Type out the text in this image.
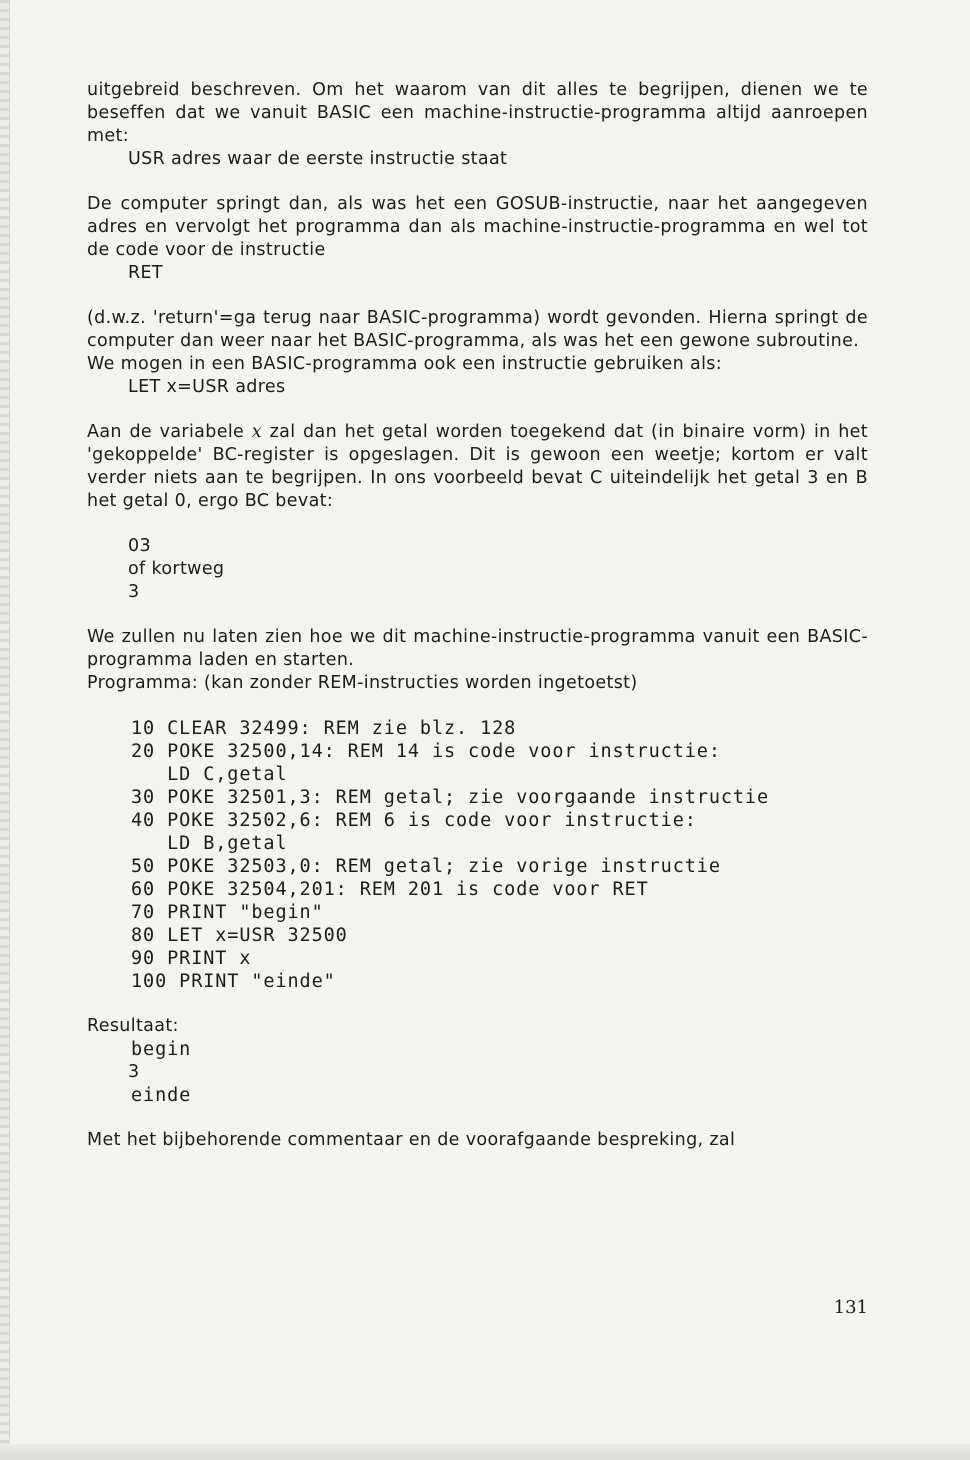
uitgebreid beschreven. Om het waarom van dit alles te begrijpen, dienen we te beseffen dat we vanuit BASIC een machine-instructie-programma altijd aanroepen met:

USR adres waar de eerste instructie staat

De computer springt dan, als was het een GOSUB-instructie, naar het aangegeven adres en vervolgt het programma dan als machine-instructie-programma en wel tot de code voor de instructie

RET

(d.w.z. 'return'=ga terug naar BASIC-programma) wordt gevonden. Hierna springt de computer dan weer naar het BASIC-programma, als was het een gewone subroutine.

We mogen in een BASIC-programma ook een instructie gebruiken als:

LET x=USR adres

Aan de variabele x zal dan het getal worden toegekend dat (in binaire vorm) in het 'gekoppelde' BC-register is opgeslagen. Dit is gewoon een weetje; kortom er valt verder niets aan te begrijpen. In ons voorbeeld bevat C uiteindelijk het getal 3 en B het getal 0, ergo BC bevat:

03

of kortweg

3

We zullen nu laten zien hoe we dit machine-instructie-programma vanuit een BASIC-programma laden en starten.

Programma: (kan zonder REM-instructies worden ingetoetst)

10 CLEAR 32499: REM zie blz. 128

20 POKE 32500,14: REM 14 is code voor instructie:

LD C,getal

30 POKE 32501,3: REM getal; zie voorgaande instructie

40 POKE 32502,6: REM 6 is code voor instructie:

LD B,getal

50 POKE 32503,0: REM getal; zie vorige instructie

60 POKE 32504,201: REM 201 is code voor RET

70 PRINT "begin"

80 LET x=USR 32500

90 PRINT x

100 PRINT "einde"

Resultaat:

begin

3

einde

Met het bijbehorende commentaar en de voorafgaande bespreking, zal

131
